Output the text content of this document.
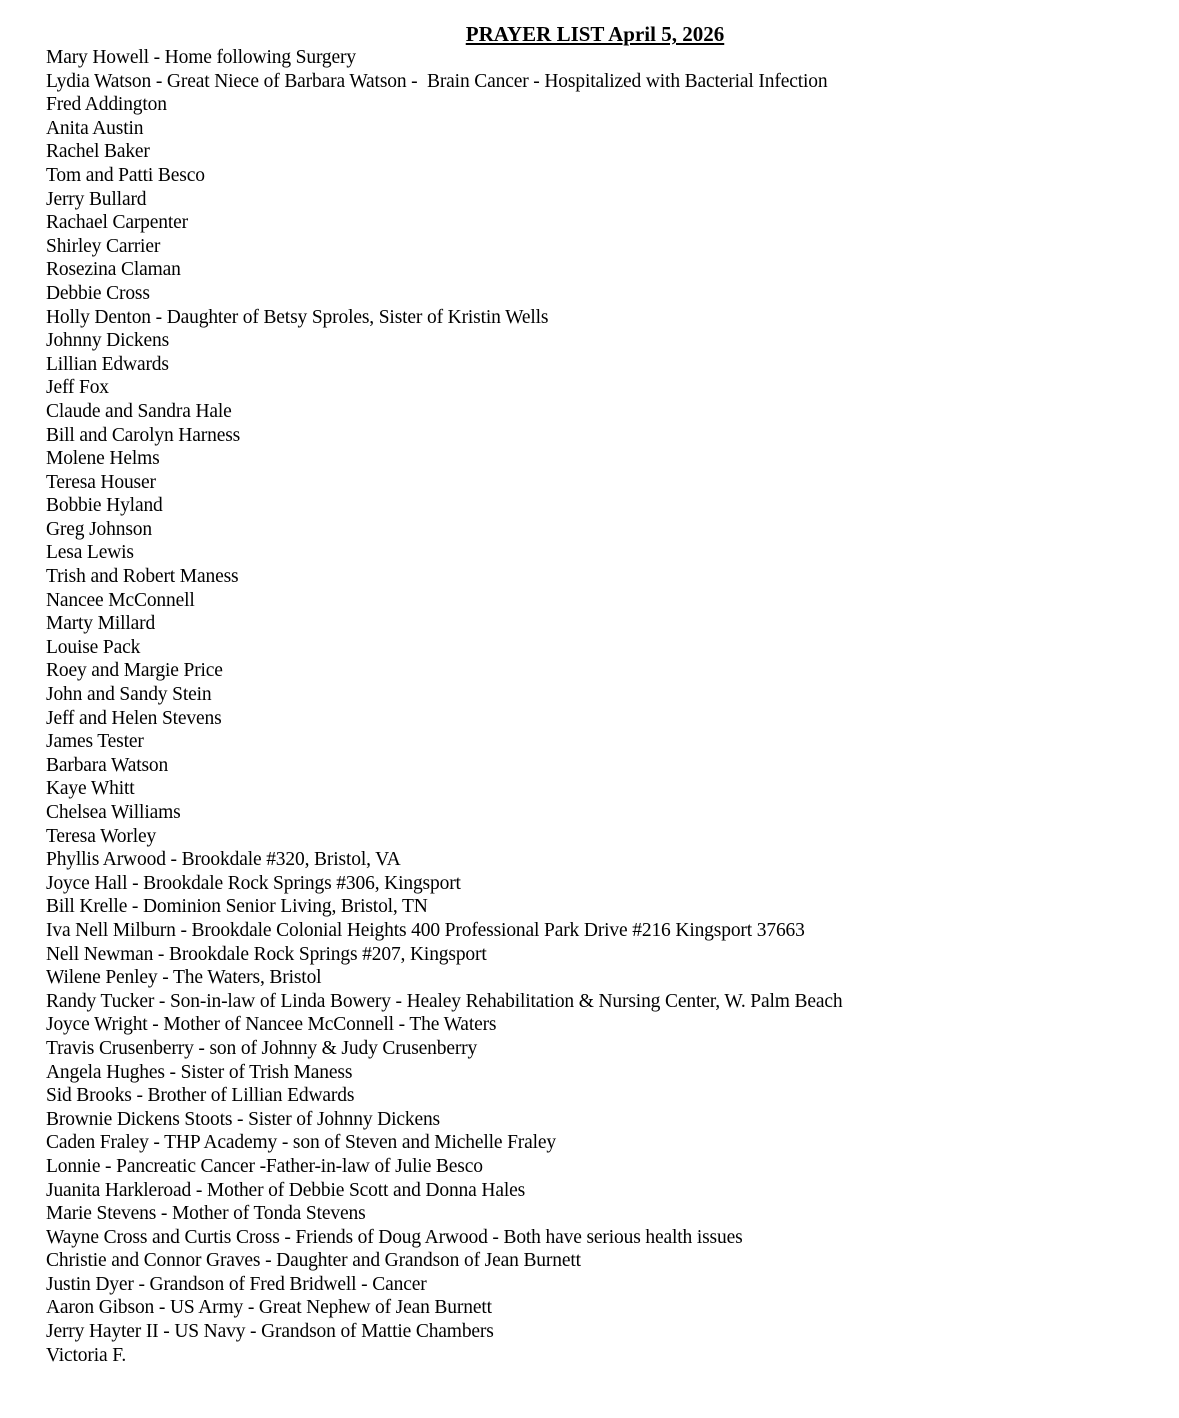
PRAYER LIST April 5, 2026
Mary Howell - Home following Surgery
Lydia Watson - Great Niece of Barbara Watson -  Brain Cancer - Hospitalized with Bacterial Infection
Fred Addington
Anita Austin
Rachel Baker
Tom and Patti Besco
Jerry Bullard
Rachael Carpenter
Shirley Carrier
Rosezina Claman
Debbie Cross
Holly Denton - Daughter of Betsy Sproles, Sister of Kristin Wells
Johnny Dickens
Lillian Edwards
Jeff Fox
Claude and Sandra Hale
Bill and Carolyn Harness
Molene Helms
Teresa Houser
Bobbie Hyland
Greg Johnson
Lesa Lewis
Trish and Robert Maness
Nancee McConnell
Marty Millard
Louise Pack
Roey and Margie Price
John and Sandy Stein
Jeff and Helen Stevens
James Tester
Barbara Watson
Kaye Whitt
Chelsea Williams
Teresa Worley
Phyllis Arwood - Brookdale #320, Bristol, VA
Joyce Hall - Brookdale Rock Springs #306, Kingsport
Bill Krelle - Dominion Senior Living, Bristol, TN
Iva Nell Milburn - Brookdale Colonial Heights 400 Professional Park Drive #216 Kingsport 37663
Nell Newman - Brookdale Rock Springs #207, Kingsport
Wilene Penley - The Waters, Bristol
Randy Tucker - Son-in-law of Linda Bowery - Healey Rehabilitation & Nursing Center, W. Palm Beach
Joyce Wright - Mother of Nancee McConnell - The Waters
Travis Crusenberry - son of Johnny & Judy Crusenberry
Angela Hughes - Sister of Trish Maness
Sid Brooks - Brother of Lillian Edwards
Brownie Dickens Stoots - Sister of Johnny Dickens
Caden Fraley - THP Academy - son of Steven and Michelle Fraley
Lonnie - Pancreatic Cancer -Father-in-law of Julie Besco
Juanita Harkleroad - Mother of Debbie Scott and Donna Hales
Marie Stevens - Mother of Tonda Stevens
Wayne Cross and Curtis Cross - Friends of Doug Arwood - Both have serious health issues
Christie and Connor Graves - Daughter and Grandson of Jean Burnett
Justin Dyer - Grandson of Fred Bridwell - Cancer
Aaron Gibson - US Army - Great Nephew of Jean Burnett
Jerry Hayter II - US Navy - Grandson of Mattie Chambers
Victoria F.
